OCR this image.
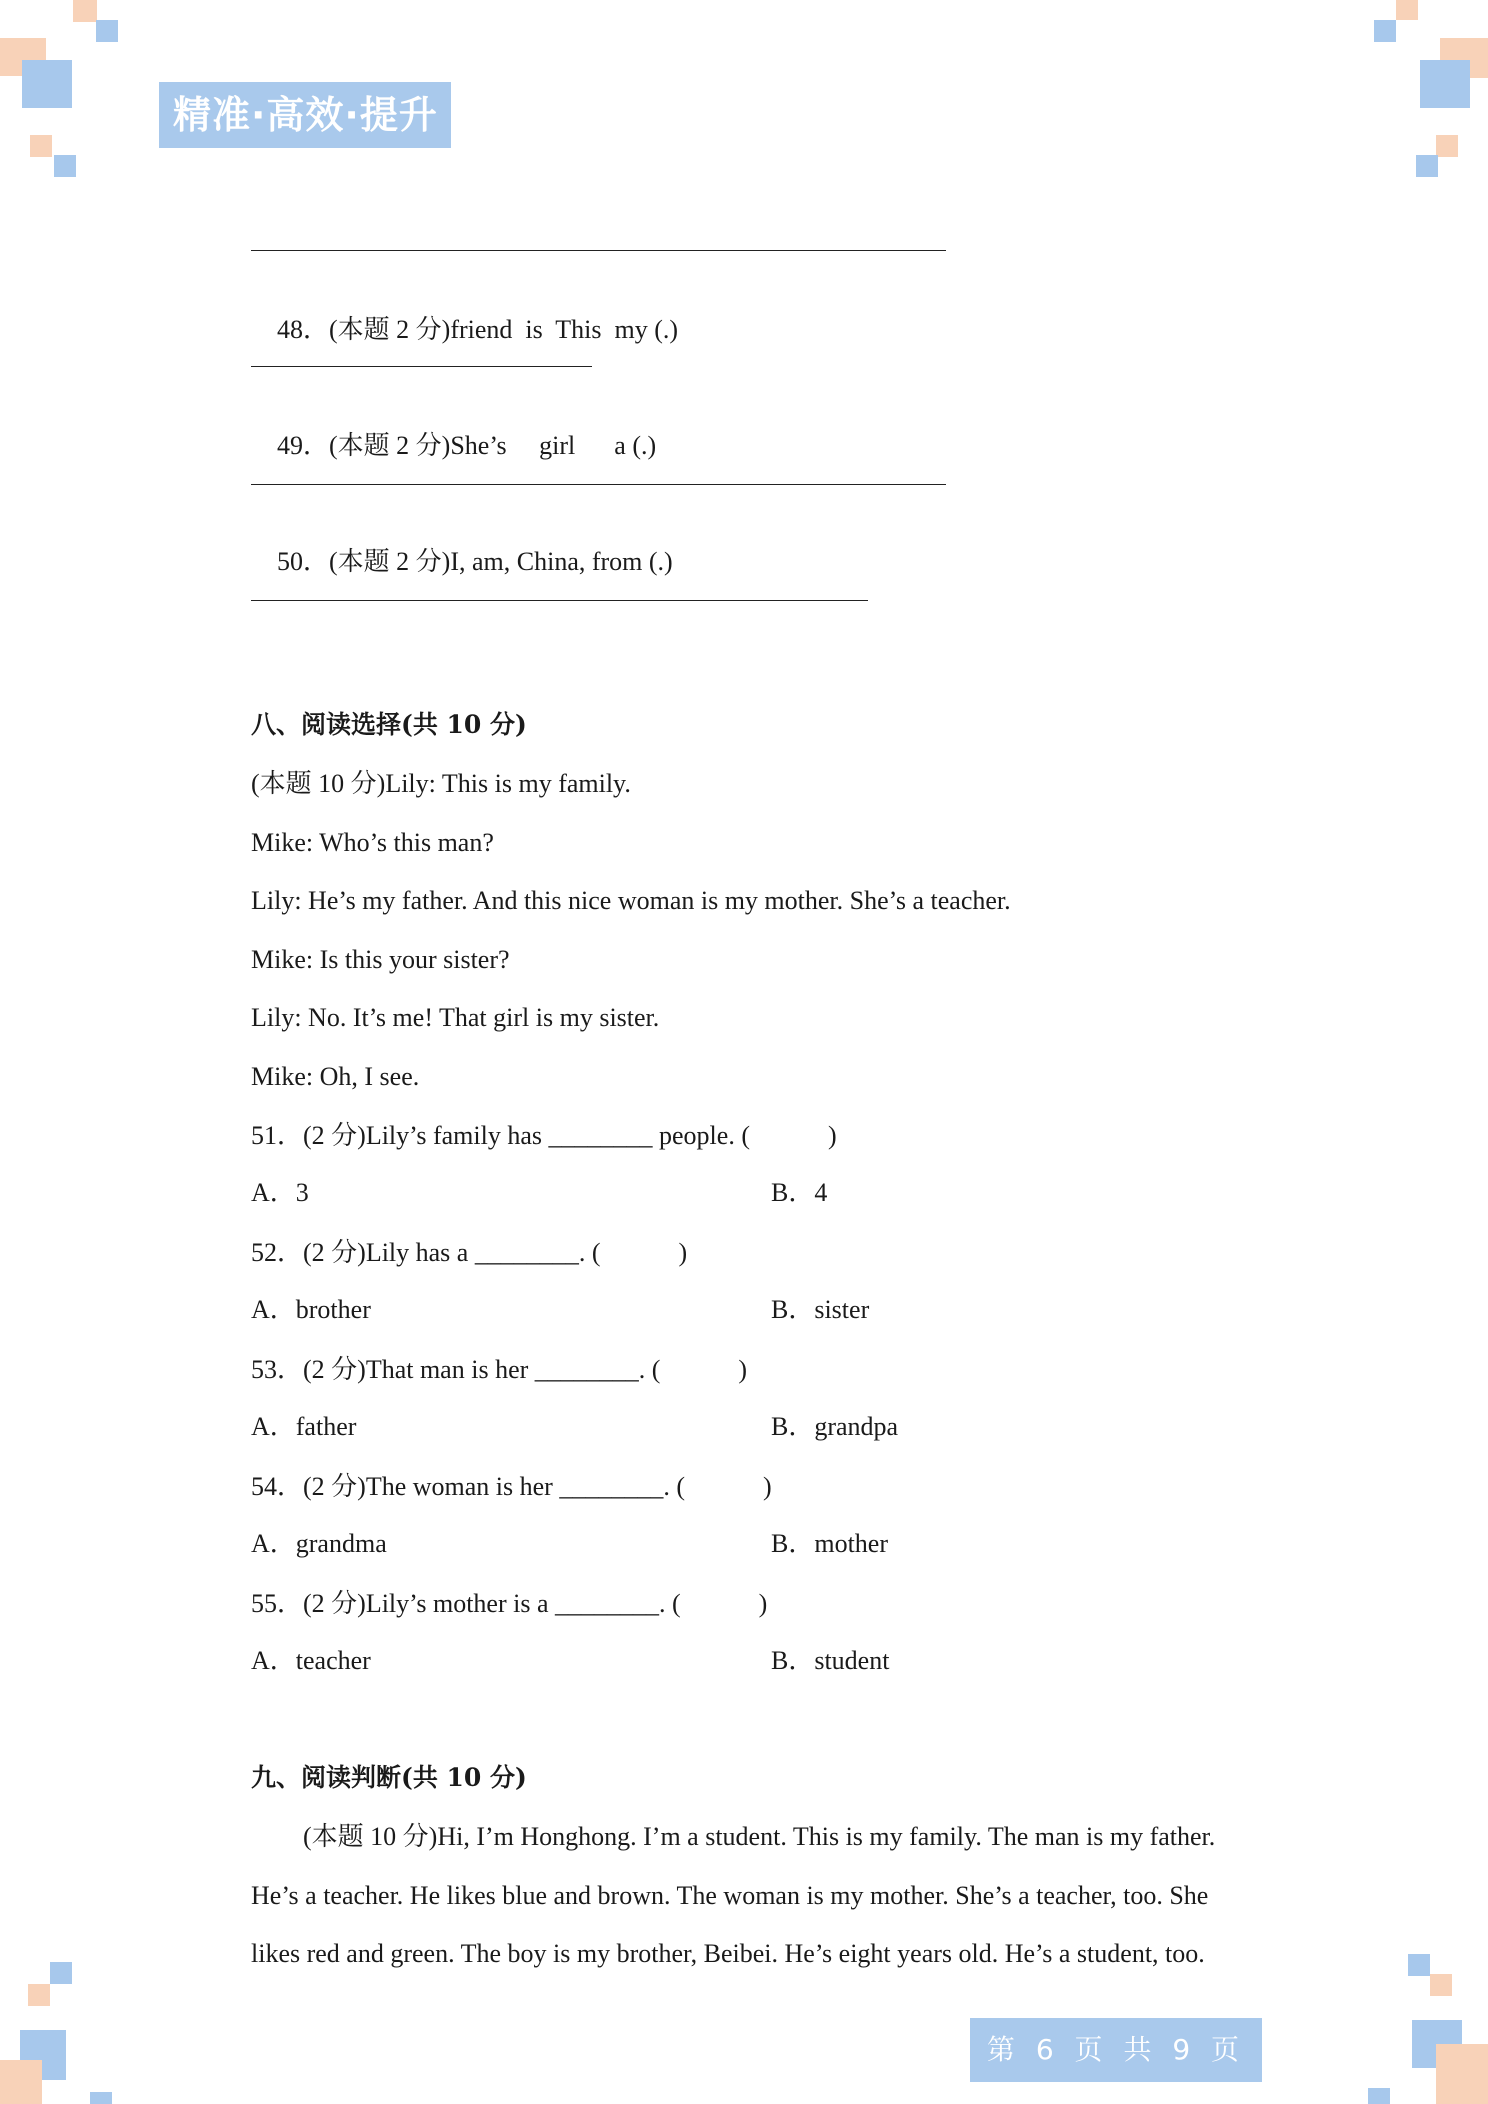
精准·高效·提升

48．(本题 2 分)friend  is  This  my (.)

49．(本题 2 分)She’s     girl      a (.)

50．(本题 2 分)I, am, China, from (.)

八、阅读选择(共 10 分)
(本题 10 分)Lily: This is my family.
Mike: Who’s this man?
Lily: He’s my father. And this nice woman is my mother. She’s a teacher.
Mike: Is this your sister?
Lily: No. It’s me! That girl is my sister.
Mike: Oh, I see.
51．(2 分)Lily’s family has ________ people. (            )
A．3	B．4
52．(2 分)Lily has a ________. (            )
A．brother	B．sister
53．(2 分)That man is her ________. (            )
A．father	B．grandpa
54．(2 分)The woman is her ________. (            )
A．grandma	B．mother
55．(2 分)Lily’s mother is a ________. (            )
A．teacher	B．student
九、阅读判断(共 10 分)
(本题 10 分)Hi, I’m Honghong. I’m a student. This is my family. The man is my father.
He’s a teacher. He likes blue and brown. The woman is my mother. She’s a teacher, too. She
likes red and green. The boy is my brother, Beibei. He’s eight years old. He’s a student, too.
第 6 页 共 9 页
